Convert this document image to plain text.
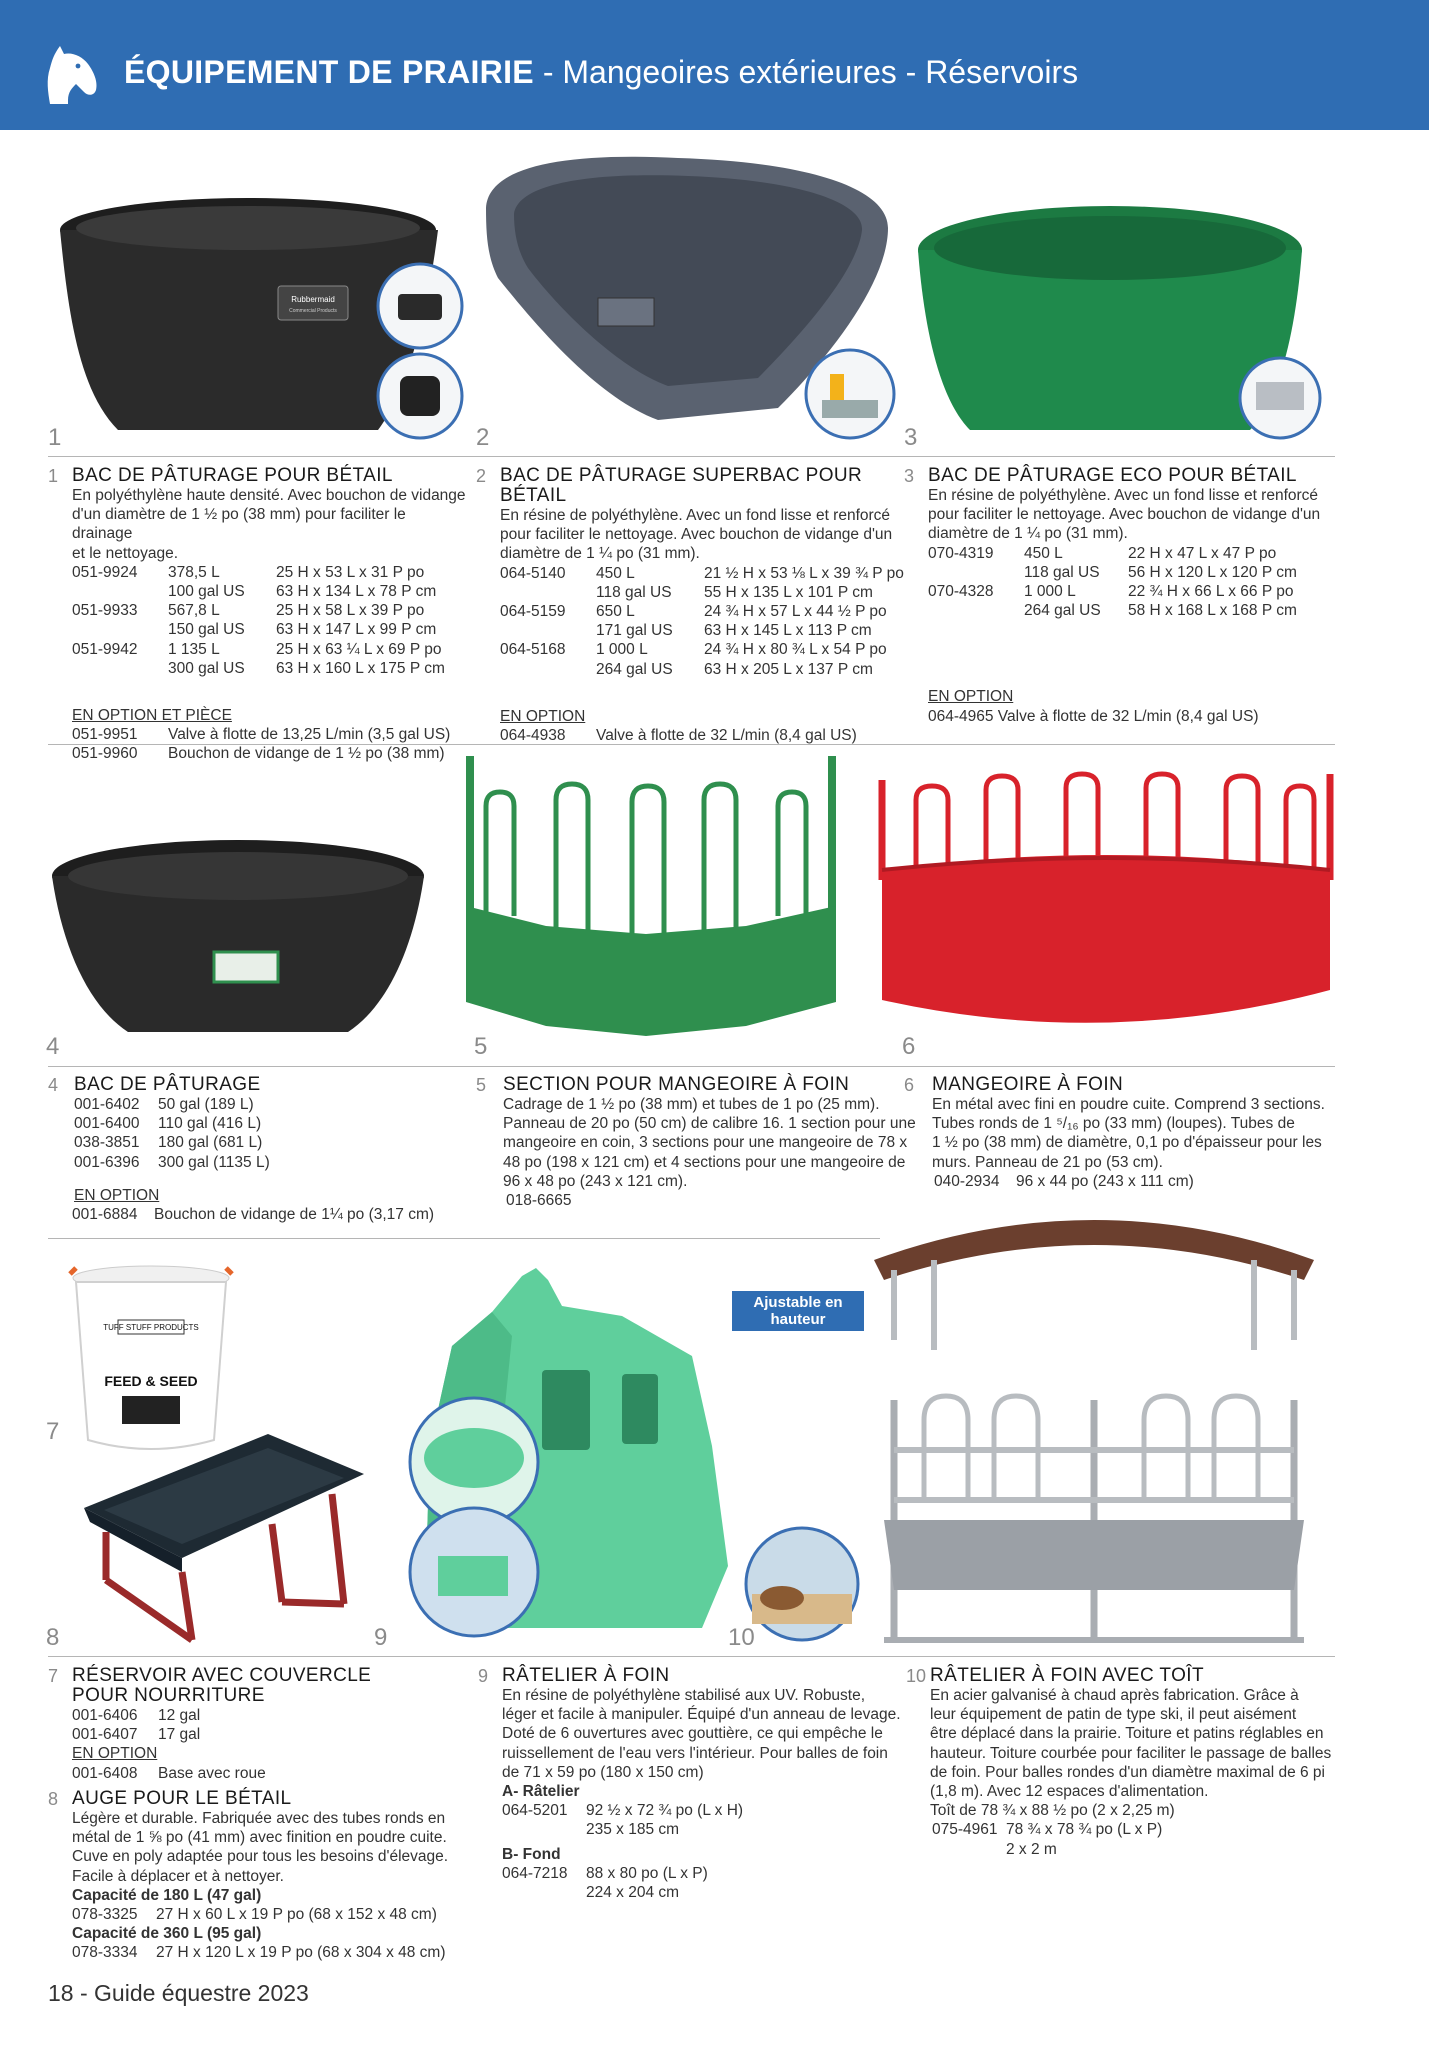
ÉQUIPEMENT DE PRAIRIE - Mangeoires extérieures - Réservoirs
Rubbermaid
Commercial Products
1	2	3
1 BAC DE PÂTURAGE POUR BÉTAIL
En polyéthylène haute densité. Avec bouchon de vidange
d'un diamètre de 1 ½ po (38 mm) pour faciliter le drainage
et le nettoyage.
051-9924 378,5 L	25 H x 53 L x 31 P po
100 gal US 63 H x 134 L x 78 P cm
051-9933 567,8 L	25 H x 58 L x 39 P po
150 gal US 63 H x 147 L x 99 P cm
051-9942 1 135 L	25 H x 63 ¼ L x 69 P po
300 gal US 63 H x 160 L x 175 P cm
EN OPTION ET PIÈCE
051-9951 Valve à flotte de 13,25 L/min (3,5 gal US)
051-9960 Bouchon de vidange de 1 ½ po (38 mm)
2 BAC DE PÂTURAGE SUPERBAC POUR BÉTAIL
En résine de polyéthylène. Avec un fond lisse et renforcé
pour faciliter le nettoyage. Avec bouchon de vidange d'un
diamètre de 1 ¼ po (31 mm).
064-5140 450 L	21 ½ H x 53 ⅛ L x 39 ¾ P po
118 gal US 55 H x 135 L x 101 P cm
064-5159 650 L	24 ¾ H x 57 L x 44 ½ P po
171 gal US 63 H x 145 L x 113 P cm
064-5168 1 000 L	24 ¾ H x 80 ¾ L x 54 P po
264 gal US 63 H x 205 L x 137 P cm
EN OPTION
064-4938 Valve à flotte de 32 L/min (8,4 gal US)
3 BAC DE PÂTURAGE ECO POUR BÉTAIL
En résine de polyéthylène. Avec un fond lisse et renforcé
pour faciliter le nettoyage. Avec bouchon de vidange d'un
diamètre de 1 ¼ po (31 mm).
070-4319 450 L	22 H x 47 L x 47 P po
118 gal US 56 H x 120 L x 120 P cm
070-4328 1 000 L	22 ¾ H x 66 L x 66 P po
264 gal US 58 H x 168 L x 168 P cm
EN OPTION
064-4965 Valve à flotte de 32 L/min (8,4 gal US)
4	5	6
4 BAC DE PÂTURAGE
001-6402 50 gal (189 L)
001-6400 110 gal (416 L)
038-3851 180 gal (681 L)
001-6396 300 gal (1135 L)
EN OPTION
001-6884 Bouchon de vidange de 1¼ po (3,17 cm)
5 SECTION POUR MANGEOIRE À FOIN
Cadrage de 1 ½ po (38 mm) et tubes de 1 po (25 mm).
Panneau de 20 po (50 cm) de calibre 16. 1 section pour une
mangeoire en coin, 3 sections pour une mangeoire de 78 x
48 po (198 x 121 cm) et 4 sections pour une mangeoire de
96 x 48 po (243 x 121 cm).
018-6665
6 MANGEOIRE À FOIN
En métal avec fini en poudre cuite. Comprend 3 sections.
Tubes ronds de 1 ⁵/₁₆ po (33 mm) (loupes). Tubes de
1 ½ po (38 mm) de diamètre, 0,1 po d'épaisseur pour les
murs. Panneau de 21 po (53 cm).
040-2934 96 x 44 po (243 x 111 cm)
TUFF STUFF PRODUCTS
FEED & SEED
Ajustable en
hauteur
7
8	9	10
7 RÉSERVOIR AVEC COUVERCLE
POUR NOURRITURE
001-6406 12 gal
001-6407 17 gal
EN OPTION
001-6408 Base avec roue
8 AUGE POUR LE BÉTAIL
Légère et durable. Fabriquée avec des tubes ronds en
métal de 1 ⅝ po (41 mm) avec finition en poudre cuite.
Cuve en poly adaptée pour tous les besoins d'élevage.
Facile à déplacer et à nettoyer.
Capacité de 180 L (47 gal)
078-3325 27 H x 60 L x 19 P po (68 x 152 x 48 cm)
Capacité de 360 L (95 gal)
078-3334 27 H x 120 L x 19 P po (68 x 304 x 48 cm)
9 RÂTELIER À FOIN
En résine de polyéthylène stabilisé aux UV. Robuste,
léger et facile à manipuler. Équipé d'un anneau de levage.
Doté de 6 ouvertures avec gouttière, ce qui empêche le
ruissellement de l'eau vers l'intérieur. Pour balles de foin
de 71 x 59 po (180 x 150 cm)
A- Râtelier
064-5201 92 ½ x 72 ¾ po (L x H)
235 x 185 cm
B- Fond
064-7218 88 x 80 po (L x P)
224 x 204 cm
10 RÂTELIER À FOIN AVEC TOÎT
En acier galvanisé à chaud après fabrication. Grâce à
leur équipement de patin de type ski, il peut aisément
être déplacé dans la prairie. Toiture et patins réglables en
hauteur. Toiture courbée pour faciliter le passage de balles
de foin. Pour balles rondes d'un diamètre maximal de 6 pi
(1,8 m). Avec 12 espaces d'alimentation.
Toît de 78 ¾ x 88 ½ po (2 x 2,25 m)
075-4961 78 ¾ x 78 ¾ po (L x P)
2 x 2 m
18 - Guide équestre 2023
